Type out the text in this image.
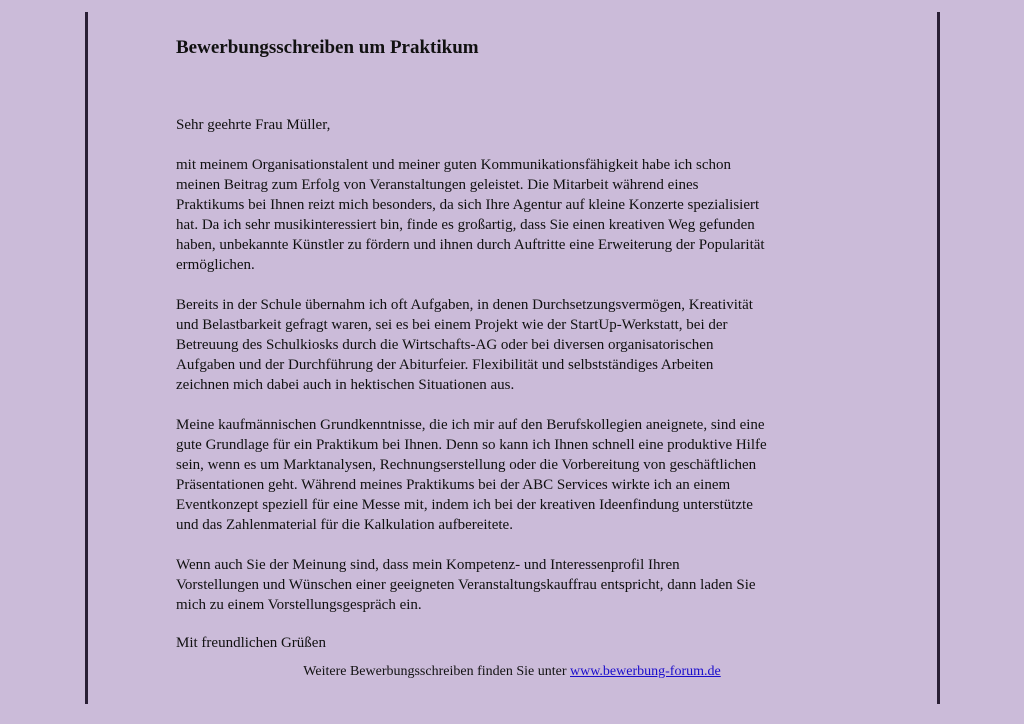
Bewerbungsschreiben um Praktikum

Sehr geehrte Frau Müller,

mit meinem Organisationstalent und meiner guten Kommunikationsfähigkeit habe ich schon
meinen Beitrag zum Erfolg von Veranstaltungen geleistet. Die Mitarbeit während eines
Praktikums bei Ihnen reizt mich besonders, da sich Ihre Agentur auf kleine Konzerte spezialisiert
hat. Da ich sehr musikinteressiert bin, finde es großartig, dass Sie einen kreativen Weg gefunden
haben, unbekannte Künstler zu fördern und ihnen durch Auftritte eine Erweiterung der Popularität
ermöglichen.

Bereits in der Schule übernahm ich oft Aufgaben, in denen Durchsetzungsvermögen, Kreativität
und Belastbarkeit gefragt waren, sei es bei einem Projekt wie der StartUp-Werkstatt, bei der
Betreuung des Schulkiosks durch die Wirtschafts-AG oder bei diversen organisatorischen
Aufgaben und der Durchführung der Abiturfeier. Flexibilität und selbstständiges Arbeiten
zeichnen mich dabei auch in hektischen Situationen aus.

Meine kaufmännischen Grundkenntnisse, die ich mir auf den Berufskollegien aneignete, sind eine
gute Grundlage für ein Praktikum bei Ihnen. Denn so kann ich Ihnen schnell eine produktive Hilfe
sein, wenn es um Marktanalysen, Rechnungserstellung oder die Vorbereitung von geschäftlichen
Präsentationen geht. Während meines Praktikums bei der ABC Services wirkte ich an einem
Eventkonzept speziell für eine Messe mit, indem ich bei der kreativen Ideenfindung unterstützte
und das Zahlenmaterial für die Kalkulation aufbereitete.

Wenn auch Sie der Meinung sind, dass mein Kompetenz- und Interessenprofil Ihren
Vorstellungen und Wünschen einer geeigneten Veranstaltungskauffrau entspricht, dann laden Sie
mich zu einem Vorstellungsgespräch ein.

Mit freundlichen Grüßen

Weitere Bewerbungsschreiben finden Sie unter www.bewerbung-forum.de
